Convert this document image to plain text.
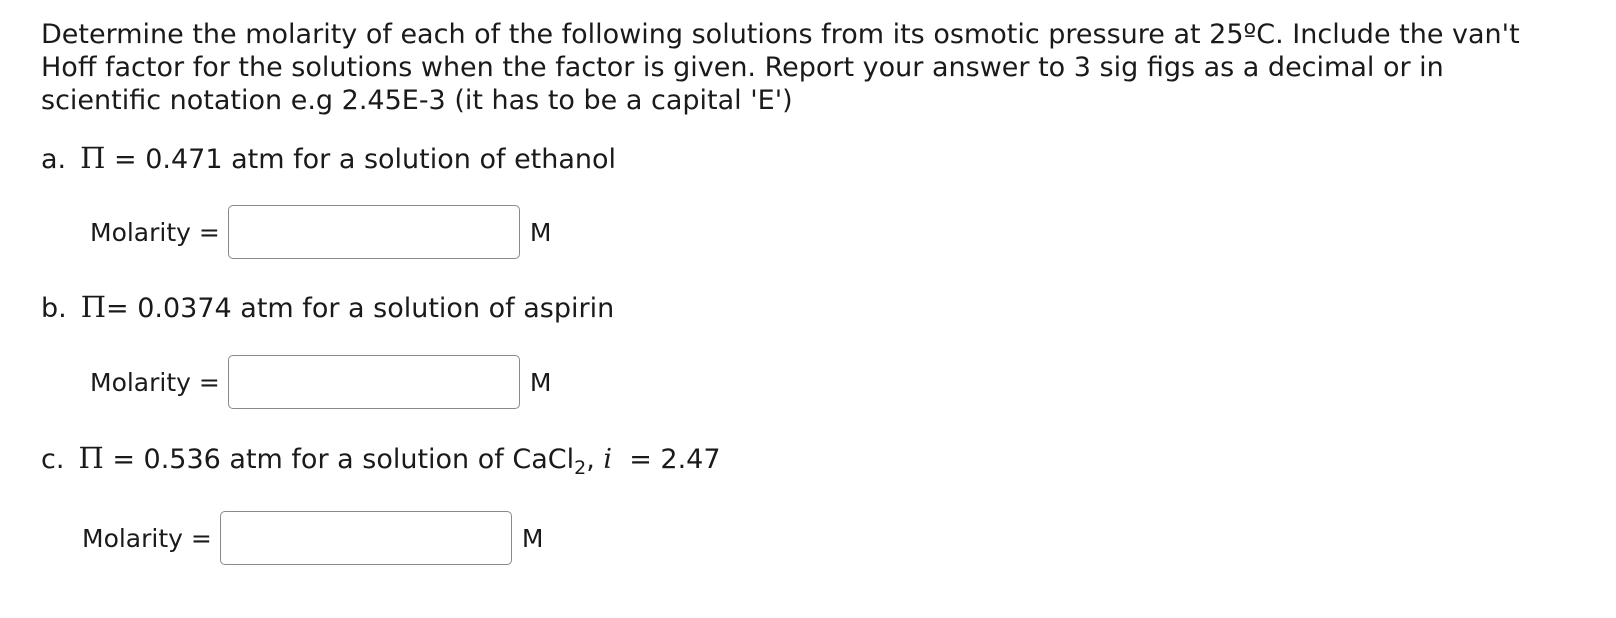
Determine the molarity of each of the following solutions from its osmotic pressure at 25ºC. Include the van't Hoff factor for the solutions when the factor is given. Report your answer to 3 sig figs as a decimal or in scientific notation e.g 2.45E-3 (it has to be a capital 'E')

a. Π = 0.471 atm for a solution of ethanol
Molarity =	M
b. Π= 0.0374 atm for a solution of aspirin
Molarity =	M
c. Π = 0.536 atm for a solution of CaCl$_2$, i  = 2.47
Molarity =	M
